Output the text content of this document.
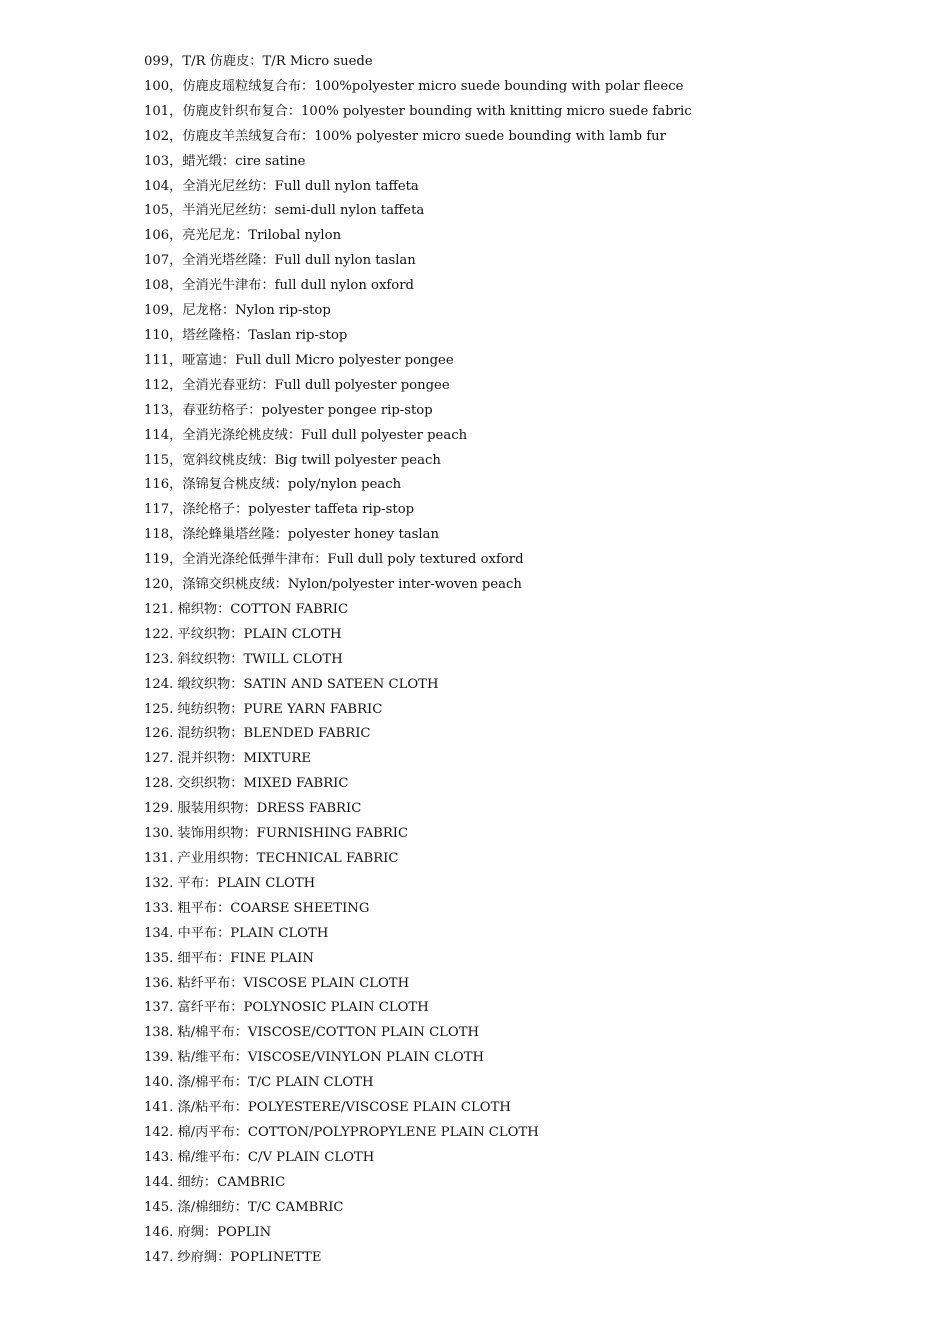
099，T/R 仿鹿皮：T/R Micro suede
100，仿鹿皮瑶粒绒复合布：100%polyester micro suede bounding with polar fleece
101，仿鹿皮针织布复合：100% polyester bounding with knitting micro suede fabric
102，仿鹿皮羊羔绒复合布：100% polyester micro suede bounding with lamb fur
103，蜡光缎：cire satine
104，全消光尼丝纺：Full dull nylon taffeta
105，半消光尼丝纺：semi-dull nylon taffeta
106，亮光尼龙：Trilobal nylon
107，全消光塔丝隆：Full dull nylon taslan
108，全消光牛津布：full dull nylon oxford
109，尼龙格：Nylon rip-stop
110，塔丝隆格：Taslan rip-stop
111，哑富迪：Full dull Micro polyester pongee
112，全消光春亚纺：Full dull polyester pongee
113，春亚纺格子：polyester pongee rip-stop
114，全消光涤纶桃皮绒：Full dull polyester peach
115，宽斜纹桃皮绒：Big twill polyester peach
116，涤锦复合桃皮绒：poly/nylon peach
117，涤纶格子：polyester taffeta rip-stop
118，涤纶蜂巢塔丝隆：polyester honey taslan
119，全消光涤纶低弹牛津布：Full dull poly textured oxford
120，涤锦交织桃皮绒：Nylon/polyester inter-woven peach
121. 棉织物：COTTON FABRIC
122. 平纹织物：PLAIN CLOTH
123. 斜纹织物：TWILL CLOTH
124. 缎纹织物：SATIN AND SATEEN CLOTH
125. 纯纺织物：PURE YARN FABRIC
126. 混纺织物：BLENDED FABRIC
127. 混并织物：MIXTURE
128. 交织织物：MIXED FABRIC
129. 服装用织物：DRESS FABRIC
130. 装饰用织物：FURNISHING FABRIC
131. 产业用织物：TECHNICAL FABRIC
132. 平布：PLAIN CLOTH
133. 粗平布：COARSE SHEETING
134. 中平布：PLAIN CLOTH
135. 细平布：FINE PLAIN
136. 粘纤平布：VISCOSE PLAIN CLOTH
137. 富纤平布：POLYNOSIC PLAIN CLOTH
138. 粘/棉平布：VISCOSE/COTTON PLAIN CLOTH
139. 粘/维平布：VISCOSE/VINYLON PLAIN CLOTH
140. 涤/棉平布：T/C PLAIN CLOTH
141. 涤/粘平布：POLYESTERE/VISCOSE PLAIN CLOTH
142. 棉/丙平布：COTTON/POLYPROPYLENE PLAIN CLOTH
143. 棉/维平布：C/V PLAIN CLOTH
144. 细纺：CAMBRIC
145. 涤/棉细纺：T/C CAMBRIC
146. 府绸：POPLIN
147. 纱府绸：POPLINETTE
